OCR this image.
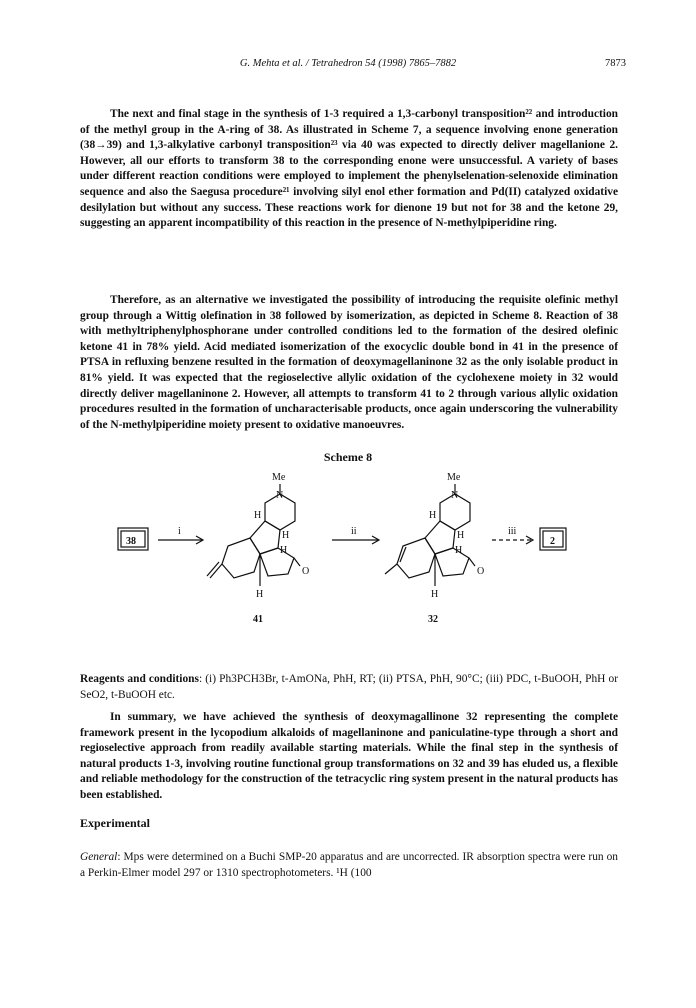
G. Mehta et al. / Tetrahedron 54 (1998) 7865–7882	7873
The next and final stage in the synthesis of 1-3 required a 1,3-carbonyl transposition²² and introduction of the methyl group in the A-ring of 38. As illustrated in Scheme 7, a sequence involving enone generation (38→39) and 1,3-alkylative carbonyl transposition²³ via 40 was expected to directly deliver magellanione 2. However, all our efforts to transform 38 to the corresponding enone were unsuccessful. A variety of bases under different reaction conditions were employed to implement the phenylselenation-selenoxide elimination sequence and also the Saegusa procedure²¹ involving silyl enol ether formation and Pd(II) catalyzed oxidative desilylation but without any success. These reactions work for dienone 19 but not for 38 and the ketone 29, suggesting an apparent incompatibility of this reaction in the presence of N-methylpiperidine ring.
Therefore, as an alternative we investigated the possibility of introducing the requisite olefinic methyl group through a Wittig olefination in 38 followed by isomerization, as depicted in Scheme 8. Reaction of 38 with methyltriphenylphosphorane under controlled conditions led to the formation of the desired olefinic ketone 41 in 78% yield. Acid mediated isomerization of the exocyclic double bond in 41 in the presence of PTSA in refluxing benzene resulted in the formation of deoxymagellaninone 32 as the only isolable product in 81% yield. It was expected that the regioselective allylic oxidation of the cyclohexene moiety in 32 would directly deliver magellaninone 2. However, all attempts to transform 41 to 2 through various allylic oxidation procedures resulted in the formation of uncharacterisable products, once again underscoring the vulnerability of the N-methylpiperidine moiety present to oxidative manoeuvres.
Scheme 8
38
i	ii	iii
2
Me
N
H
H
H
O
H
41
Me
N
H
H
H
O
H
32
Reagents and conditions: (i) Ph3PCH3Br, t-AmONa, PhH, RT; (ii) PTSA, PhH, 90°C; (iii) PDC, t-BuOOH, PhH or SeO2, t-BuOOH etc.
In summary, we have achieved the synthesis of deoxymagallinone 32 representing the complete framework present in the lycopodium alkaloids of magellaninone and paniculatine-type through a short and regioselective approach from readily available starting materials. While the final step in the synthesis of natural products 1-3, involving routine functional group transformations on 32 and 39 has eluded us, a flexible and reliable methodology for the construction of the tetracyclic ring system present in the natural products has been established.
Experimental
General: Mps were determined on a Buchi SMP-20 apparatus and are uncorrected. IR absorption spectra were run on a Perkin-Elmer model 297 or 1310 spectrophotometers. ¹H (100
